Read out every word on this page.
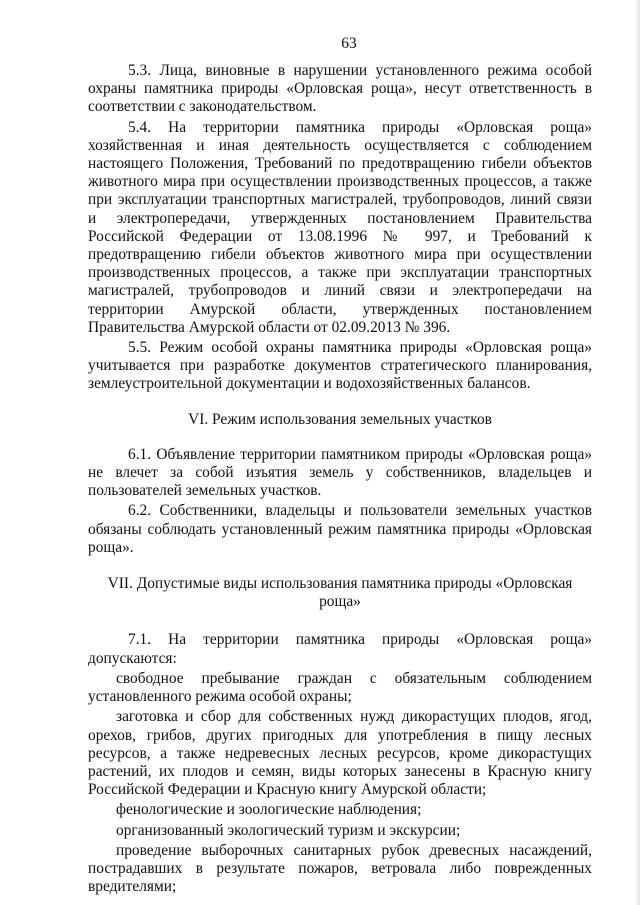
63

5.3. Лица, виновные в нарушении установленного режима особой охраны памятника природы «Орловская роща», несут ответственность в соответствии с законодательством.

5.4. На территории памятника природы «Орловская роща» хозяйственная и иная деятельность осуществляется с соблюдением настоящего Положения, Требований по предотвращению гибели объектов животного мира при осуществлении производственных процессов, а также при эксплуатации транспортных магистралей, трубопроводов, линий связи и электропередачи, утвержденных постановлением Правительства Российской Федерации от 13.08.1996 № 997, и Требований к предотвращению гибели объектов животного мира при осуществлении производственных процессов, а также при эксплуатации транспортных магистралей, трубопроводов и линий связи и электропередачи на территории Амурской области, утвержденных постановлением Правительства Амурской области от 02.09.2013 № 396.

5.5. Режим особой охраны памятника природы «Орловская роща» учитывается при разработке документов стратегического планирования, землеустроительной документации и водохозяйственных балансов.

VI. Режим использования земельных участков

6.1. Объявление территории памятником природы «Орловская роща» не влечет за собой изъятия земель у собственников, владельцев и пользователей земельных участков.

6.2. Собственники, владельцы и пользователи земельных участков обязаны соблюдать установленный режим памятника природы «Орловская роща».

VII. Допустимые виды использования памятника природы «Орловская роща»

7.1. На территории памятника природы «Орловская роща» допускаются:

свободное пребывание граждан с обязательным соблюдением установленного режима особой охраны;

заготовка и сбор для собственных нужд дикорастущих плодов, ягод, орехов, грибов, других пригодных для употребления в пищу лесных ресурсов, а также недревесных лесных ресурсов, кроме дикорастущих растений, их плодов и семян, виды которых занесены в Красную книгу Российской Федерации и Красную книгу Амурской области;

фенологические и зоологические наблюдения;

организованный экологический туризм и экскурсии;

проведение выборочных санитарных рубок древесных насаждений, пострадавших в результате пожаров, ветровала либо поврежденных вредителями;
